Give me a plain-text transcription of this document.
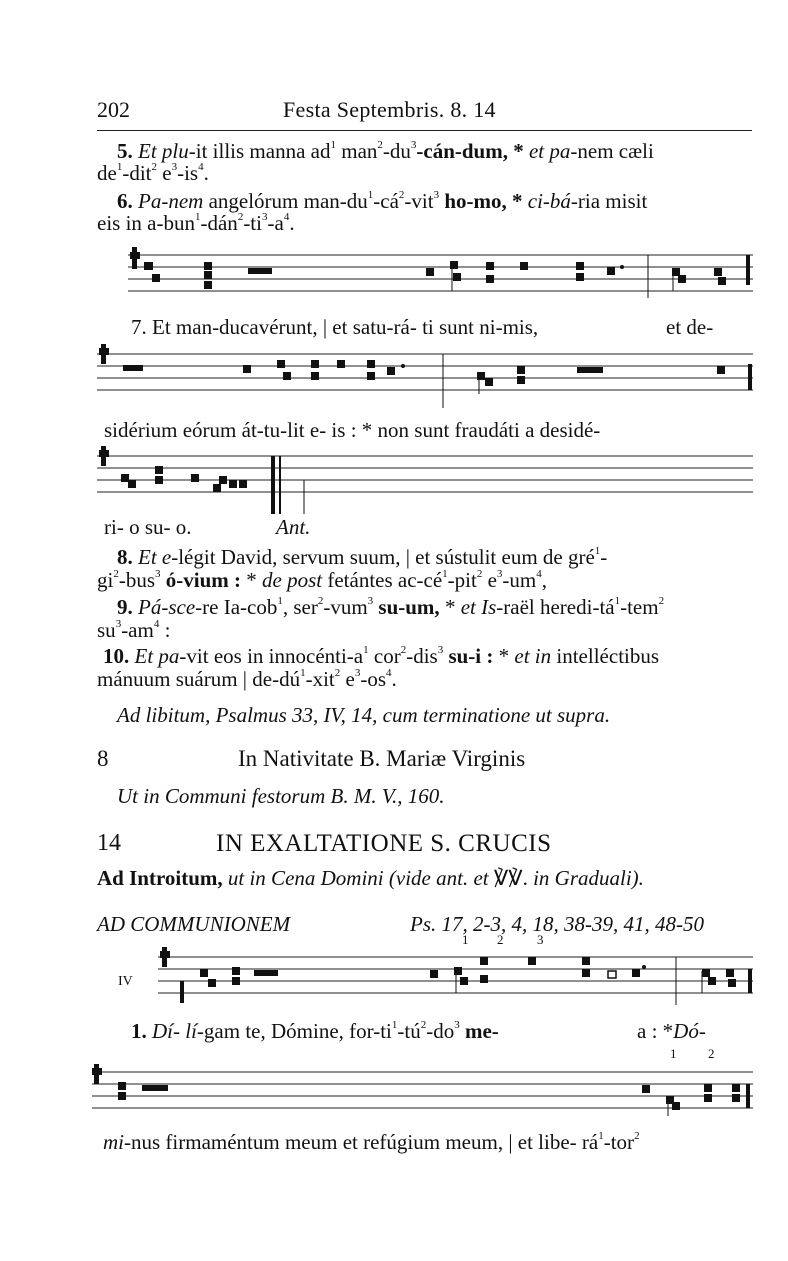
202	Festa Septembris. 8. 14
5. Et plu-it illis manna $ad^1$ $man^2-du^3-cán$-dum, * et pa-nem cæli
$de^1-dit^2$ $e^3-is^4$.
6. Pa-nem angelórum man-$du^1-cá^2-vit^3$ ho-mo, * ci-bá-ria misit
eis in $a-bun^1-dán^2-ti^3-a^4$.
7. Et man-ducavérunt, | et satu-rá- ti sunt ni-mis,	et de-
sidérium eórum át-tu-lit e- is : * non sunt fraudáti a desidé-
ri- o su- o.	Ant.
8. Et e-légit David, servum suum, | et sústulit eum de gré$^1$-
$gi^2-bus^3$ ó-vium : * de post fetántes $ac-cé^1-pit^2$ $e^3-um^4$,
9. Pá-sce-re Ia-cob$^1$, ser$^2$-vum$^3$ su-um, * et Is-raël heredi-$tá^1-tem^2$
$su^3-am^4$ :
10. Et pa-vit eos in innocénti-$a^1$ cor$^2$-dis$^3$ su-i : * et in intelléctibus
mánuum suárum | $de-dú^1-xit^2$ $e^3-os^4$.
Ad libitum, Psalmus 33, IV, 14, cum terminatione ut supra.
8	In Nativitate B. Mariæ Virginis
Ut in Communi festorum B. M. V., 160.
14	IN EXALTATIONE S. CRUCIS
Ad Introitum, ut in Cena Domini (vide ant. et ℣℣. in Graduali).
AD COMMUNIONEM	Ps. 17, 2-3, 4, 18, 38-39, 41, 48-50
1 2	3
IV
1. Dí- lí-gam te, Dómine, for-$ti^1-tú^2-do^3$ me-	a : *Dó-
1 2
mi-nus firmaméntum meum et refúgium meum, | et libe- $rá^1-tor^2$
